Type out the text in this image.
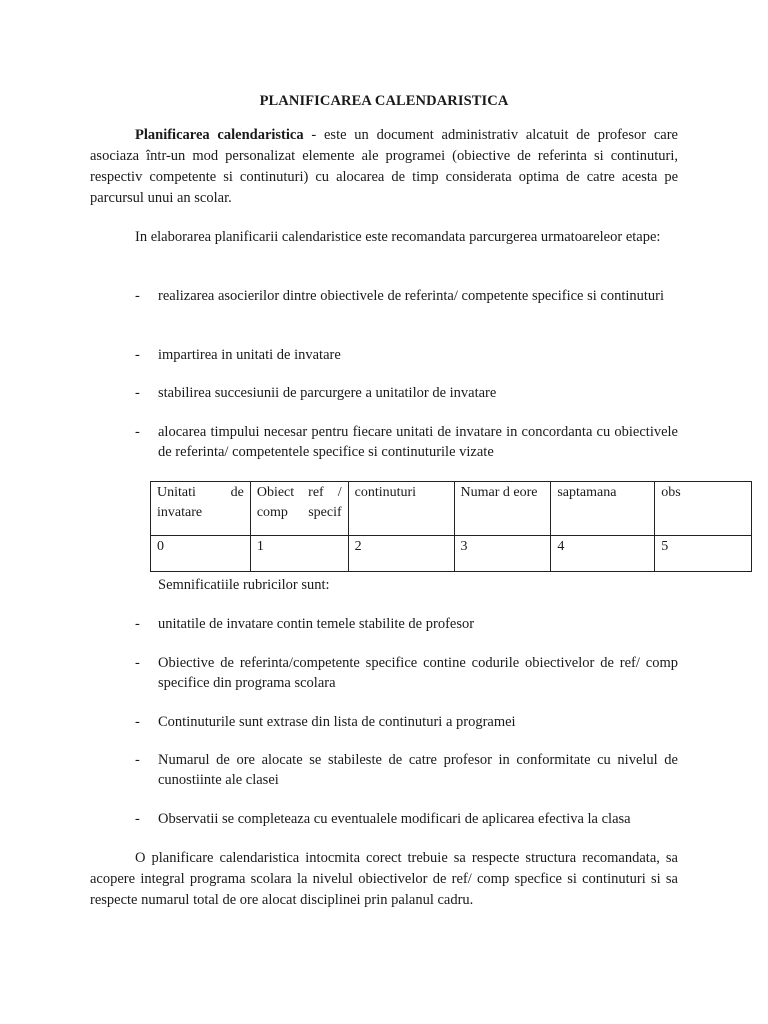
PLANIFICAREA CALENDARISTICA
Planificarea calendaristica - este un document administrativ alcatuit de profesor care asociaza într-un mod personalizat elemente ale programei (obiective de referinta si continuturi, respectiv competente si continuturi) cu alocarea de timp considerata optima de catre acesta pe parcursul unui an scolar.
In elaborarea planificarii calendaristice este recomandata parcurgerea urmatoareleor etape:
- realizarea asocierilor dintre obiectivele de referinta/ competente specifice si continuturi
- impartirea in unitati de invatare
- stabilirea succesiunii de parcurgere a unitatilor de invatare
- alocarea timpului necesar pentru fiecare unitati de invatare in concordanta cu obiectivele de referinta/ competentele specifice si continuturile vizate
Unitati de invatare	Obiect ref / comp specif	continuturi	Numar d eore	saptamana	obs
0	1	2	3	4	5
Semnificatiile rubricilor sunt:
- unitatile de invatare contin temele stabilite de profesor
- Obiective de referinta/competente specifice contine codurile obiectivelor de ref/ comp specifice din programa scolara
- Continuturile sunt extrase din lista de continuturi a programei
- Numarul de ore alocate se stabileste de catre profesor in conformitate cu nivelul de cunostiinte ale clasei
- Observatii se completeaza cu eventualele modificari de aplicarea efectiva la clasa
O planificare calendaristica intocmita corect trebuie sa respecte structura recomandata, sa acopere integral programa scolara la nivelul obiectivelor de ref/ comp specfice si continuturi si sa respecte numarul total de ore alocat disciplinei prin palanul cadru.
